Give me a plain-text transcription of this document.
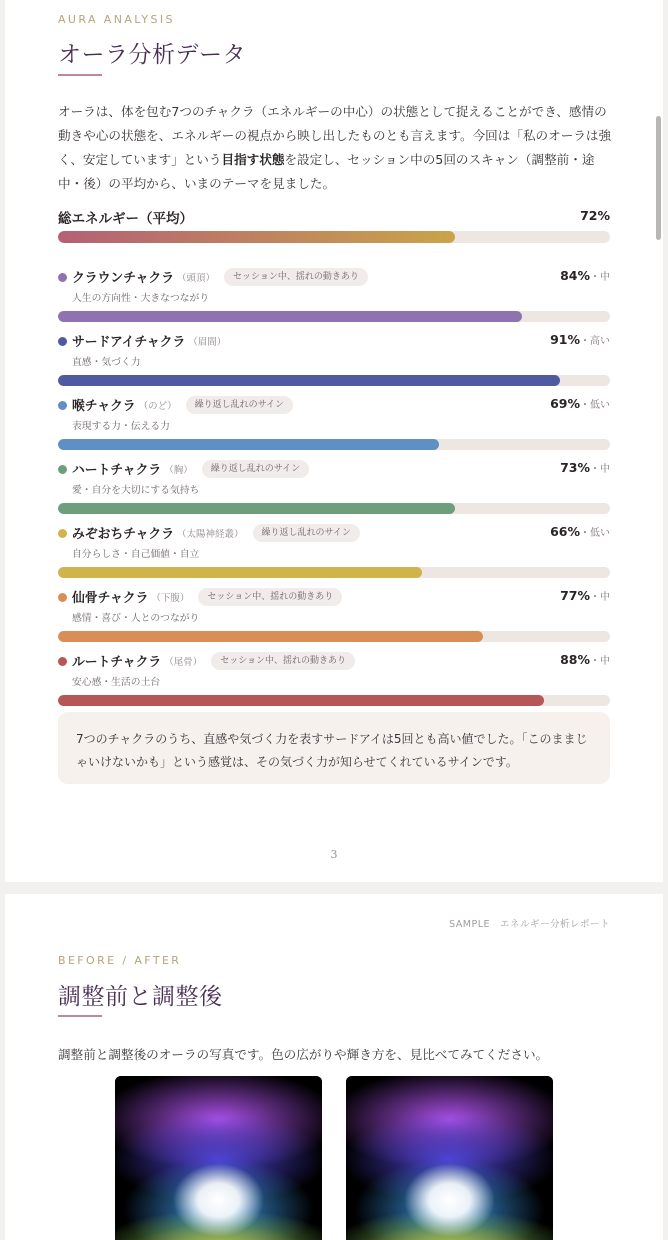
AURA ANALYSIS
オーラ分析データ

オーラは、体を包む7つのチャクラ（エネルギーの中心）の状態として捉えることができ、感情の動きや心の状態を、エネルギーの視点から映し出したものとも言えます。今回は「私のオーラは強く、安定しています」という目指す状態を設定し、セッション中の5回のスキャン（調整前・途中・後）の平均から、いまのテーマを見ました。

総エネルギー（平均）	72%
クラウンチャクラ （頭頂）	セッション中、揺れの動きあり	84%・中
人生の方向性・大きなつながり
サードアイチャクラ （眉間）	91%・高い
直感・気づく力
喉チャクラ （のど）	繰り返し乱れのサイン	69%・低い
表現する力・伝える力
ハートチャクラ （胸）	繰り返し乱れのサイン	73%・中
愛・自分を大切にする気持ち
みぞおちチャクラ （太陽神経叢）	繰り返し乱れのサイン	66%・低い
自分らしさ・自己価値・自立
仙骨チャクラ （下腹）	セッション中、揺れの動きあり	77%・中
感情・喜び・人とのつながり
ルートチャクラ （尾骨）	セッション中、揺れの動きあり	88%・中
安心感・生活の土台
7つのチャクラのうち、直感や気づく力を表すサードアイは5回とも高い値でした。「このままじゃいけないかも」という感覚は、その気づく力が知らせてくれているサインです。
3
SAMPLE　エネルギー分析レポート
BEFORE / AFTER
調整前と調整後
調整前と調整後のオーラの写真です。色の広がりや輝き方を、見比べてみてください。
